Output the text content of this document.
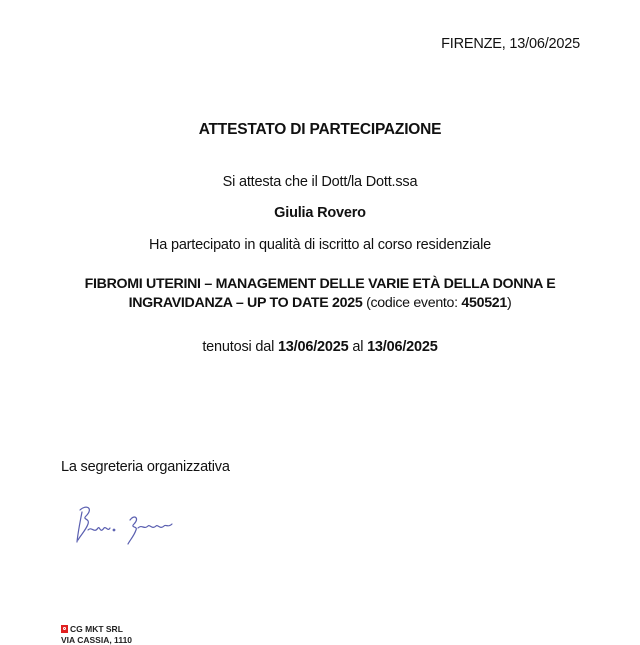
FIRENZE, 13/06/2025
ATTESTATO DI PARTECIPAZIONE
Si attesta che il Dott/la Dott.ssa
Giulia Rovero
Ha partecipato in qualità di iscritto al corso residenziale
FIBROMI UTERINI – MANAGEMENT DELLE VARIE ETÀ DELLA DONNA E
INGRAVIDANZA – UP TO DATE 2025 (codice evento: 450521)
tenutosi dal 13/06/2025 al 13/06/2025
La segreteria organizzativa
CG MKT SRL
VIA CASSIA, 1110
